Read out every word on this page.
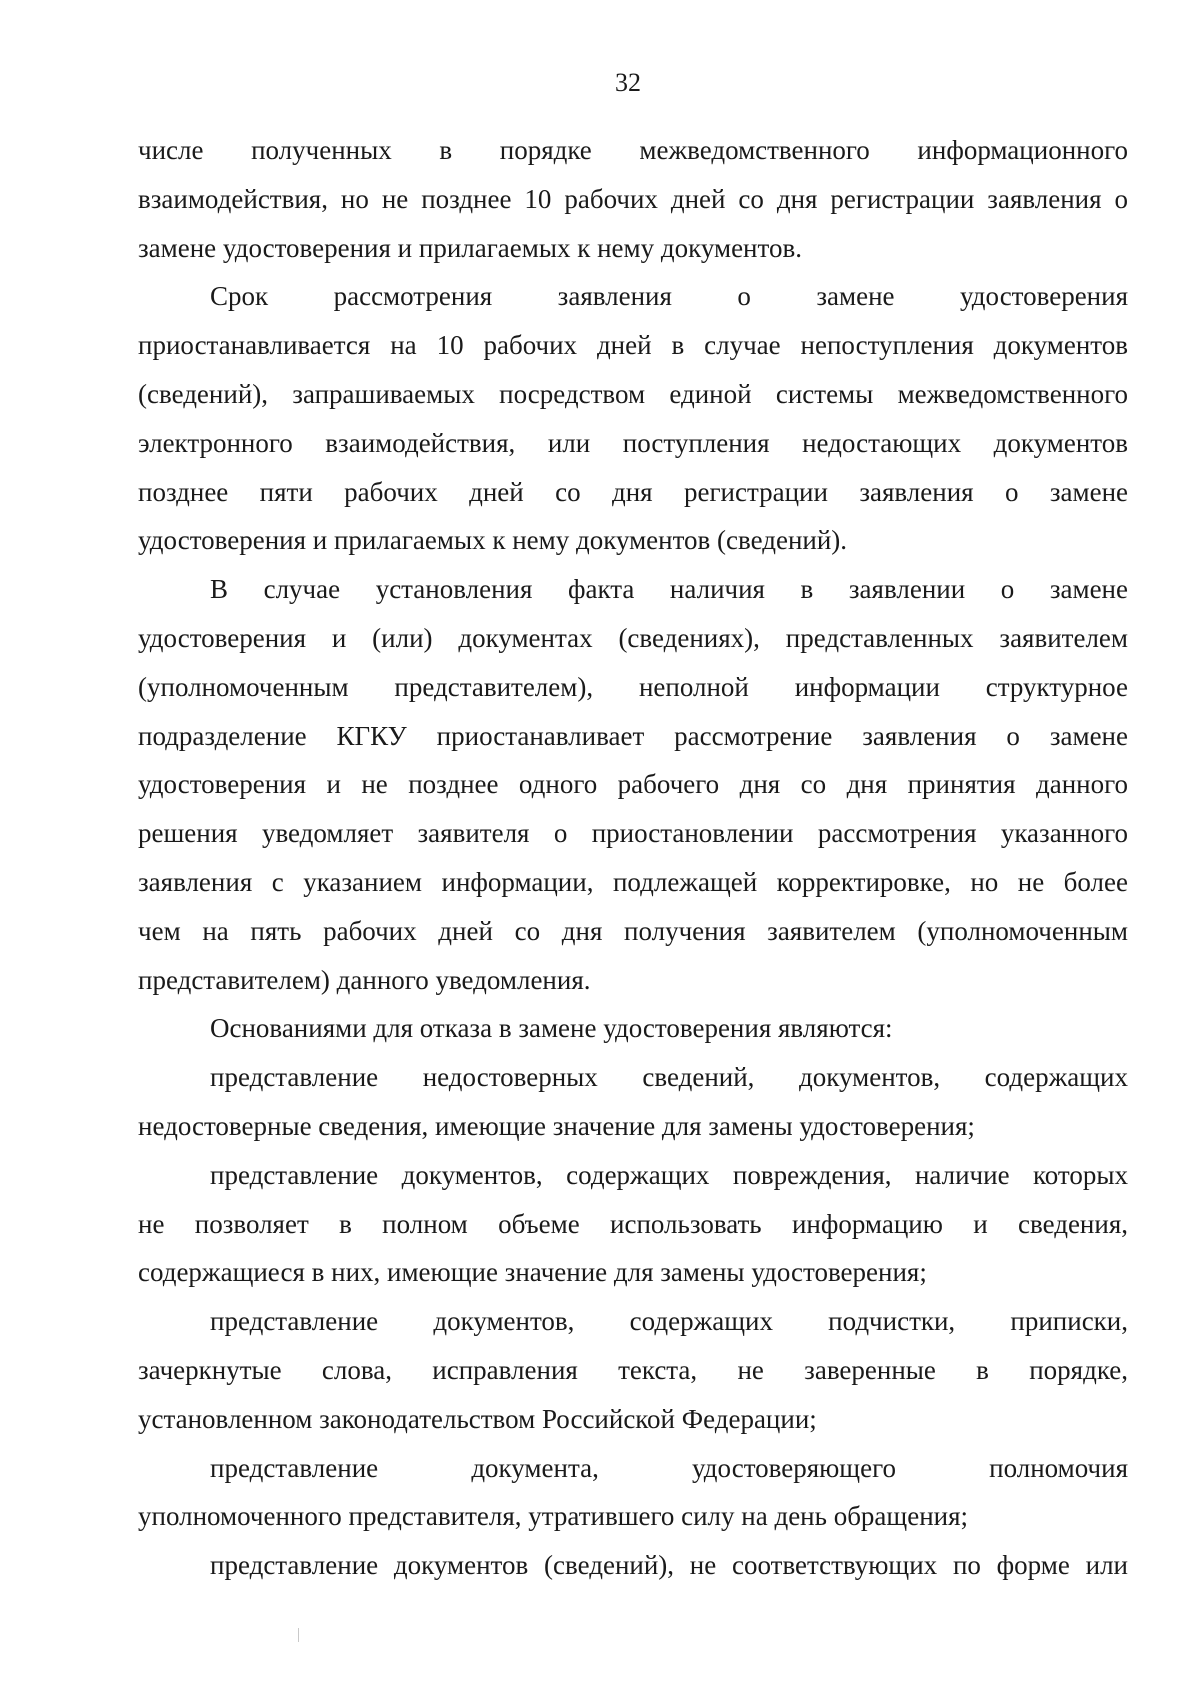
32

числе полученных в порядке межведомственного информационного
взаимодействия, но не позднее 10 рабочих дней со дня регистрации заявления о
замене удостоверения и прилагаемых к нему документов.

Срок рассмотрения заявления о замене удостоверения
приостанавливается на 10 рабочих дней в случае непоступления документов
(сведений), запрашиваемых посредством единой системы межведомственного
электронного взаимодействия, или поступления недостающих документов
позднее пяти рабочих дней со дня регистрации заявления о замене
удостоверения и прилагаемых к нему документов (сведений).

В случае установления факта наличия в заявлении о замене
удостоверения и (или) документах (сведениях), представленных заявителем
(уполномоченным представителем), неполной информации структурное
подразделение КГКУ приостанавливает рассмотрение заявления о замене
удостоверения и не позднее одного рабочего дня со дня принятия данного
решения уведомляет заявителя о приостановлении рассмотрения указанного
заявления с указанием информации, подлежащей корректировке, но не более
чем на пять рабочих дней со дня получения заявителем (уполномоченным
представителем) данного уведомления.

Основаниями для отказа в замене удостоверения являются:

представление недостоверных сведений, документов, содержащих
недостоверные сведения, имеющие значение для замены удостоверения;

представление документов, содержащих повреждения, наличие которых
не позволяет в полном объеме использовать информацию и сведения,
содержащиеся в них, имеющие значение для замены удостоверения;

представление документов, содержащих подчистки, приписки,
зачеркнутые слова, исправления текста, не заверенные в порядке,
установленном законодательством Российской Федерации;

представление документа, удостоверяющего полномочия
уполномоченного представителя, утратившего силу на день обращения;

представление документов (сведений), не соответствующих по форме или
